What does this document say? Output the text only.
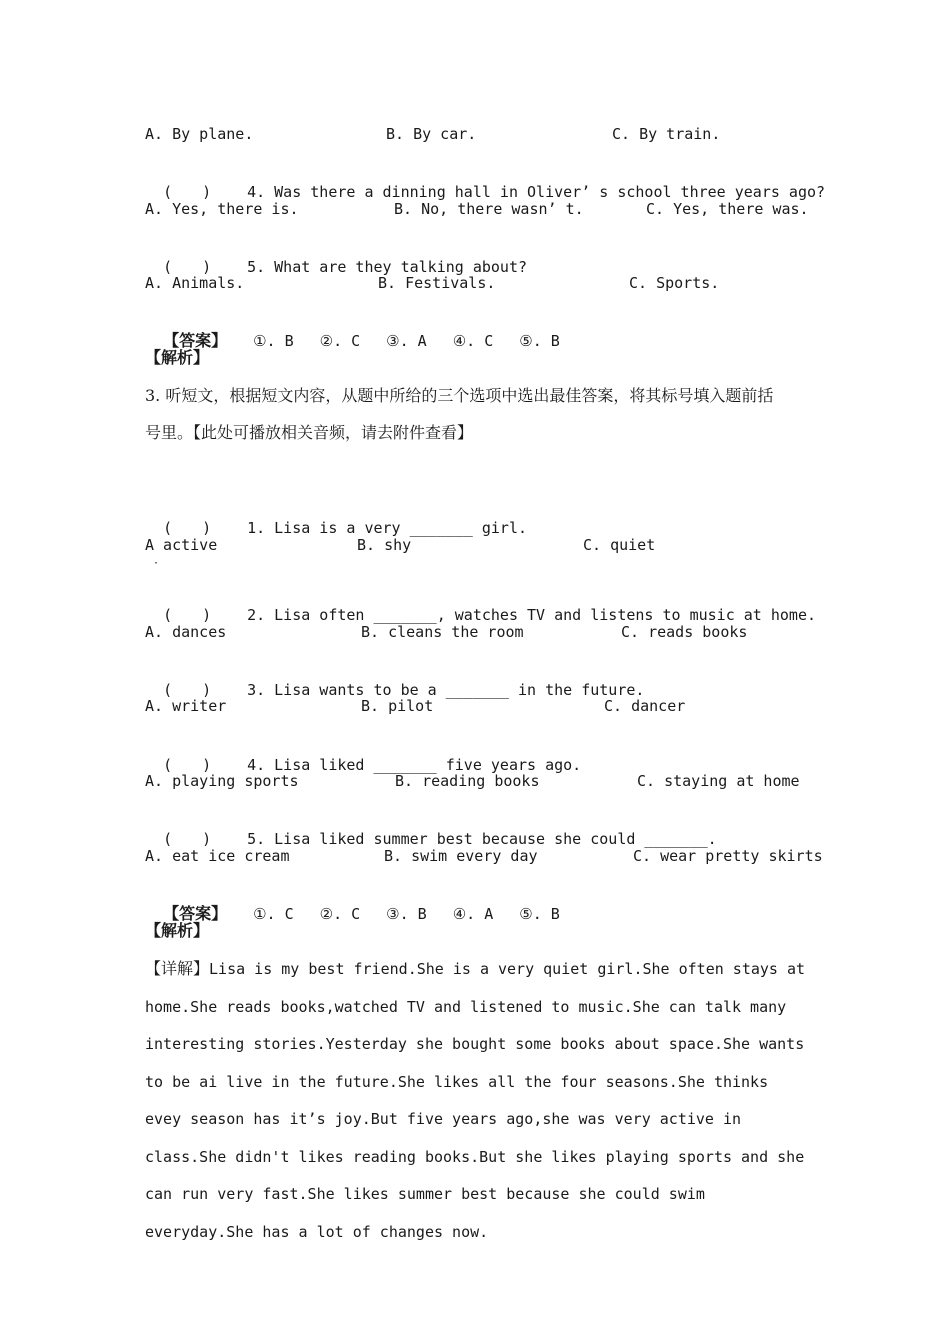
A. By plane.	B. By car.	C. By train.

(　　) 4. Was there a dinning hall in Oliver’ s school three years ago?

A. Yes, there is.	B. No, there wasn’ t.	C. Yes, there was.

(　　) 5. What are they talking about?

A. Animals.	B. Festivals.	C. Sports.

【答案】 ①. B ②. C ③. A ④. C ⑤. B

【解析】
3. 听短文，根据短文内容，从题中所给的三个选项中选出最佳答案，将其标号填入题前括
号里。【此处可播放相关音频，请去附件查看】

(　　) 1. Lisa is a very _______ girl.

A active	B. shy	C. quiet
·

(　　) 2. Lisa often _______, watches TV and listens to music at home.

A. dances	B. cleans the room	C. reads books

(　　) 3. Lisa wants to be a _______ in the future.

A. writer	B. pilot	C. dancer

(　　) 4. Lisa liked _______ five years ago.

A. playing sports	B. reading books	C. staying at home

(　　) 5. Lisa liked summer best because she could _______.

A. eat ice cream	B. swim every day	C. wear pretty skirts

【答案】 ①. C ②. C ③. B ④. A ⑤. B

【解析】
【详解】Lisa is my best friend.She is a very quiet girl.She often stays at home.She reads books,watched TV and listened to music.She can talk many interesting stories.Yesterday she bought some books about space.She wants to be ai live in the future.She likes all the four seasons.She thinks evey season has it’s joy.But five years ago,she was very active in class.She didn't likes reading books.But she likes playing sports and she can run very fast.She likes summer best because she could swim everyday.She has a lot of changes now.
